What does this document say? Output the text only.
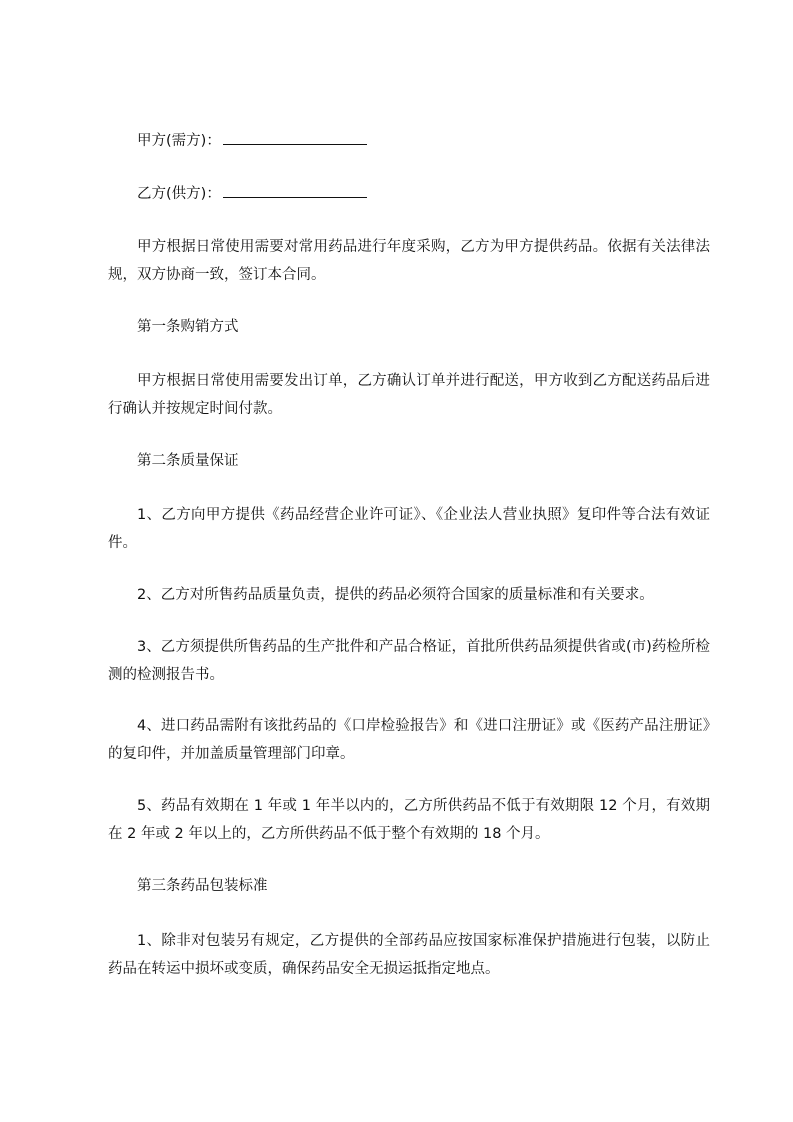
甲方(需方)：
乙方(供方)：
甲方根据日常使用需要对常用药品进行年度采购，乙方为甲方提供药品。依据有关法律法规，双方协商一致，签订本合同。
第一条购销方式
甲方根据日常使用需要发出订单，乙方确认订单并进行配送，甲方收到乙方配送药品后进行确认并按规定时间付款。
第二条质量保证
1、乙方向甲方提供《药品经营企业许可证》、《企业法人营业执照》复印件等合法有效证件。
2、乙方对所售药品质量负责，提供的药品必须符合国家的质量标准和有关要求。
3、乙方须提供所售药品的生产批件和产品合格证，首批所供药品须提供省或(市)药检所检测的检测报告书。
4、进口药品需附有该批药品的《口岸检验报告》和《进口注册证》或《医药产品注册证》的复印件，并加盖质量管理部门印章。
5、药品有效期在 1 年或 1 年半以内的，乙方所供药品不低于有效期限 12 个月，有效期在 2 年或 2 年以上的，乙方所供药品不低于整个有效期的 18 个月。
第三条药品包装标准
1、除非对包装另有规定，乙方提供的全部药品应按国家标准保护措施进行包装，以防止药品在转运中损坏或变质，确保药品安全无损运抵指定地点。
